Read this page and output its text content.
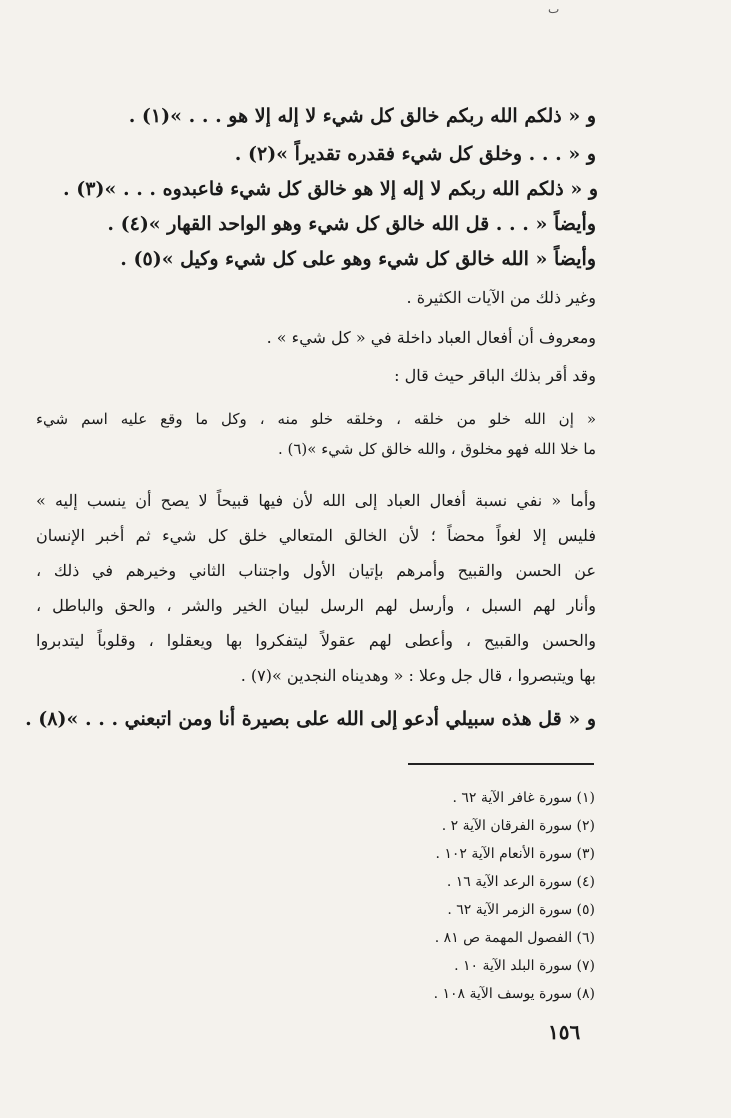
ٮ
و « ذلكم الله ربكم خالق كل شيء لا إله إلا هو . . . »(١) .
و « . . . وخلق كل شيء فقدره تقديراً »(٢) .
و « ذلكم الله ربكم لا إله إلا هو خالق كل شيء فاعبدوه . . . »(٣) .
وأيضاً « . . . قل الله خالق كل شيء وهو الواحد القهار »(٤) .
وأيضاً « الله خالق كل شيء وهو على كل شيء وكيل »(٥) .
وغير ذلك من الآيات الكثيرة .
ومعروف أن أفعال العباد داخلة في « كل شيء » .
وقد أقر بذلك الباقر حيث قال :
« إن الله خلو من خلقه ، وخلقه خلو منه ، وكل ما وقع عليه اسم شيء
ما خلا الله فهو مخلوق ، والله خالق كل شيء »(٦) .
وأما « نفي نسبة أفعال العباد إلى الله لأن فيها قبيحاً لا يصح أن ينسب إليه »
فليس إلا لغواً محضاً ؛ لأن الخالق المتعالي خلق كل شيء ثم أخبر الإنسان
عن الحسن والقبيح وأمرهم بإتيان الأول واجتناب الثاني وخيرهم في ذلك ،
وأنار لهم السبل ، وأرسل لهم الرسل لبيان الخير والشر ، والحق والباطل ،
والحسن والقبيح ، وأعطى لهم عقولاً ليتفكروا بها ويعقلوا ، وقلوباً ليتدبروا
بها ويتبصروا ، قال جل وعلا : « وهديناه النجدين »(٧) .
و « قل هذه سبيلي أدعو إلى الله على بصيرة أنا ومن اتبعني . . . »(٨) .
(١) سورة غافر الآية ٦٢ .
(٢) سورة الفرقان الآية ٢ .
(٣) سورة الأنعام الآية ١٠٢ .
(٤) سورة الرعد الآية ١٦ .
(٥) سورة الزمر الآية ٦٢ .
(٦) الفصول المهمة ص ٨١ .
(٧) سورة البلد الآية ١٠ .
(٨) سورة يوسف الآية ١٠٨ .
١٥٦
